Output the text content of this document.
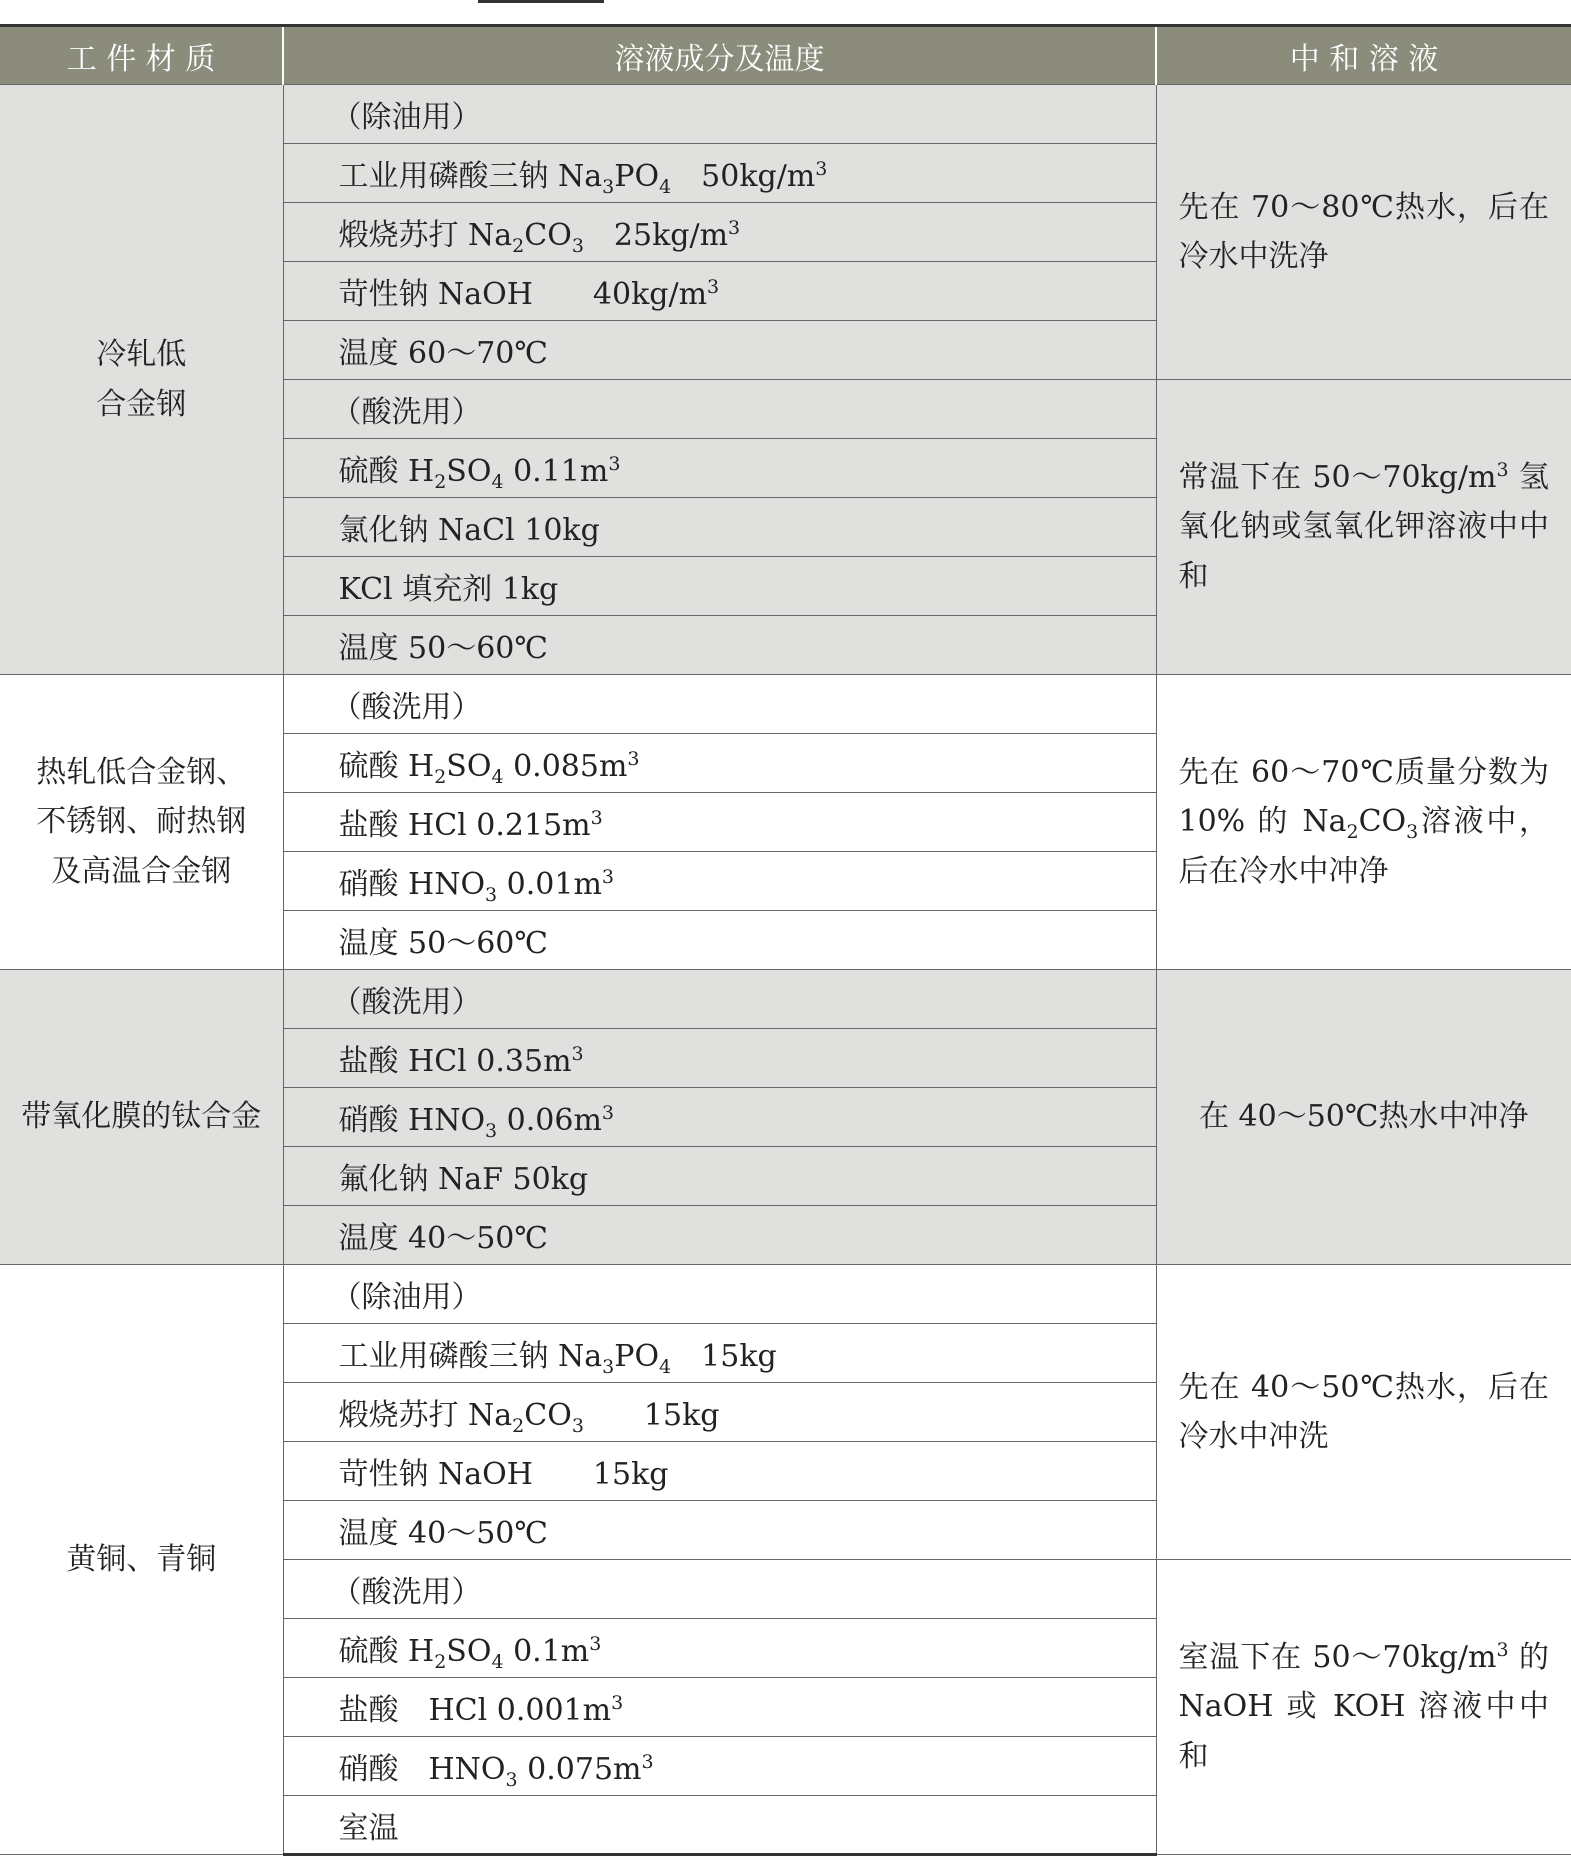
工 件 材 质	溶液成分及温度	中 和 溶 液

冷轧低
合金钢	（除油用）	先在 70～80℃热水，后在冷水中洗净
	工业用磷酸三钠 $Na_3PO_4$　$50kg/m^3$
	煅烧苏打 $Na_2CO_3$　$25kg/m^3$
	苛性钠 NaOH　　$40kg/m^3$
	温度 60～70℃	
	（酸洗用）	常温下在 $50\sim 70kg/m^3$ 氢氧化钠或氢氧化钾溶液中中和
	硫酸 $H_2SO_4$ $0.11m^3$
	氯化钠 NaCl 10kg	
	KCl 填充剂 1kg	
	温度 50～60℃	

热轧低合金钢、
不锈钢、耐热钢
及高温合金钢	（酸洗用）	先在 60～70℃质量分数为 10% 的 $Na_2CO_3$溶液中，后在冷水中冲净
	硫酸 $H_2SO_4$ $0.085m^3$
	盐酸 HCl $0.215m^3$
	硝酸 $HNO_3$ $0.01m^3$
	温度 50～60℃	

带氧化膜的钛合金	（酸洗用）	在 40～50℃热水中冲净
	盐酸 HCl $0.35m^3$
	硝酸 $HNO_3$ $0.06m^3$
	氟化钠 NaF 50kg	
	温度 40～50℃	

黄铜、青铜	（除油用）	先在 40～50℃热水，后在冷水中冲洗
	工业用磷酸三钠 $Na_3PO_4$　15kg	
	煅烧苏打 $Na_2CO_3$　　15kg	
	苛性钠 NaOH　　15kg	
	温度 40～50℃	
	（酸洗用）	室温下在 $50\sim 70kg/m^3$ 的 NaOH 或 KOH 溶液中中和
	硫酸 $H_2SO_4$ $0.1m^3$
	盐酸　HCl $0.001m^3$
	硝酸　$HNO_3$ $0.075m^3$
	室温	
